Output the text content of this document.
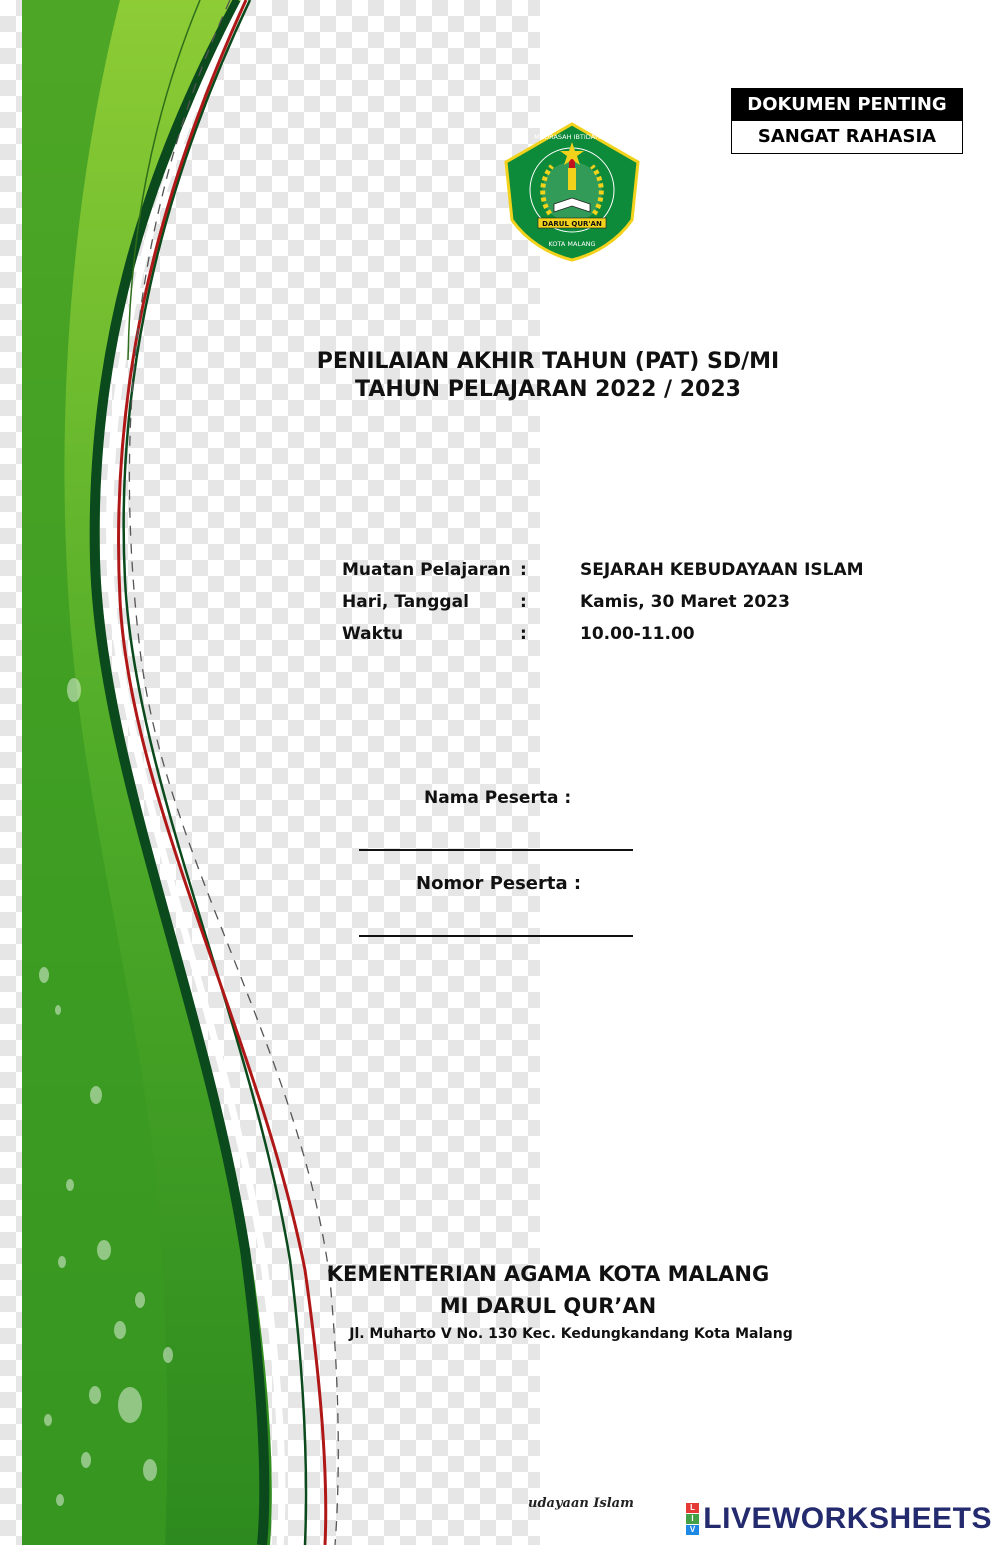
DOKUMEN PENTING
SANGAT RAHASIA
DARUL QUR'AN
KOTA MALANG
MADRASAH IBTIDAIYAH
PENILAIAN AKHIR TAHUN (PAT) SD/MI
TAHUN PELAJARAN 2022 / 2023
Muatan Pelajaran :	SEJARAH KEBUDAYAAN ISLAM
Hari, Tanggal	:	Kamis, 30 Maret 2023
Waktu	:	10.00-11.00
Nama Peserta :
Nomor Peserta :
KEMENTERIAN AGAMA KOTA MALANG
MI DARUL QUR’AN
Jl. Muharto V No. 130 Kec. Kedungkandang Kota Malang
udayaan Islam	L
I
V LIVEWORKSHEETS
